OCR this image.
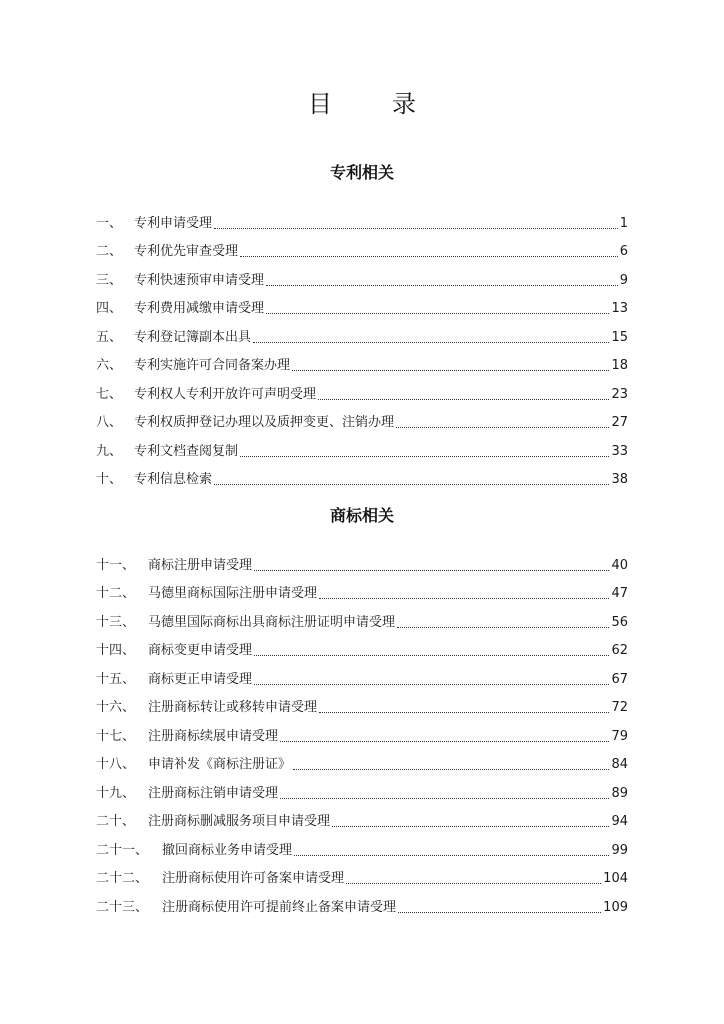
目　录
专利相关
一、 专利申请受理	1
二、 专利优先审查受理	6
三、 专利快速预审申请受理	9
四、 专利费用减缴申请受理	13
五、 专利登记簿副本出具	15
六、 专利实施许可合同备案办理	18
七、 专利权人专利开放许可声明受理	23
八、 专利权质押登记办理以及质押变更、注销办理	27
九、 专利文档查阅复制	33
十、 专利信息检索	38
商标相关
十一、 商标注册申请受理	40
十二、 马德里商标国际注册申请受理	47
十三、 马德里国际商标出具商标注册证明申请受理	56
十四、 商标变更申请受理	62
十五、 商标更正申请受理	67
十六、 注册商标转让或移转申请受理	72
十七、 注册商标续展申请受理	79
十八、 申请补发《商标注册证》	84
十九、 注册商标注销申请受理	89
二十、 注册商标删减服务项目申请受理	94
二十一、	撤回商标业务申请受理	99
二十二、	注册商标使用许可备案申请受理	104
二十三、	注册商标使用许可提前终止备案申请受理	109
